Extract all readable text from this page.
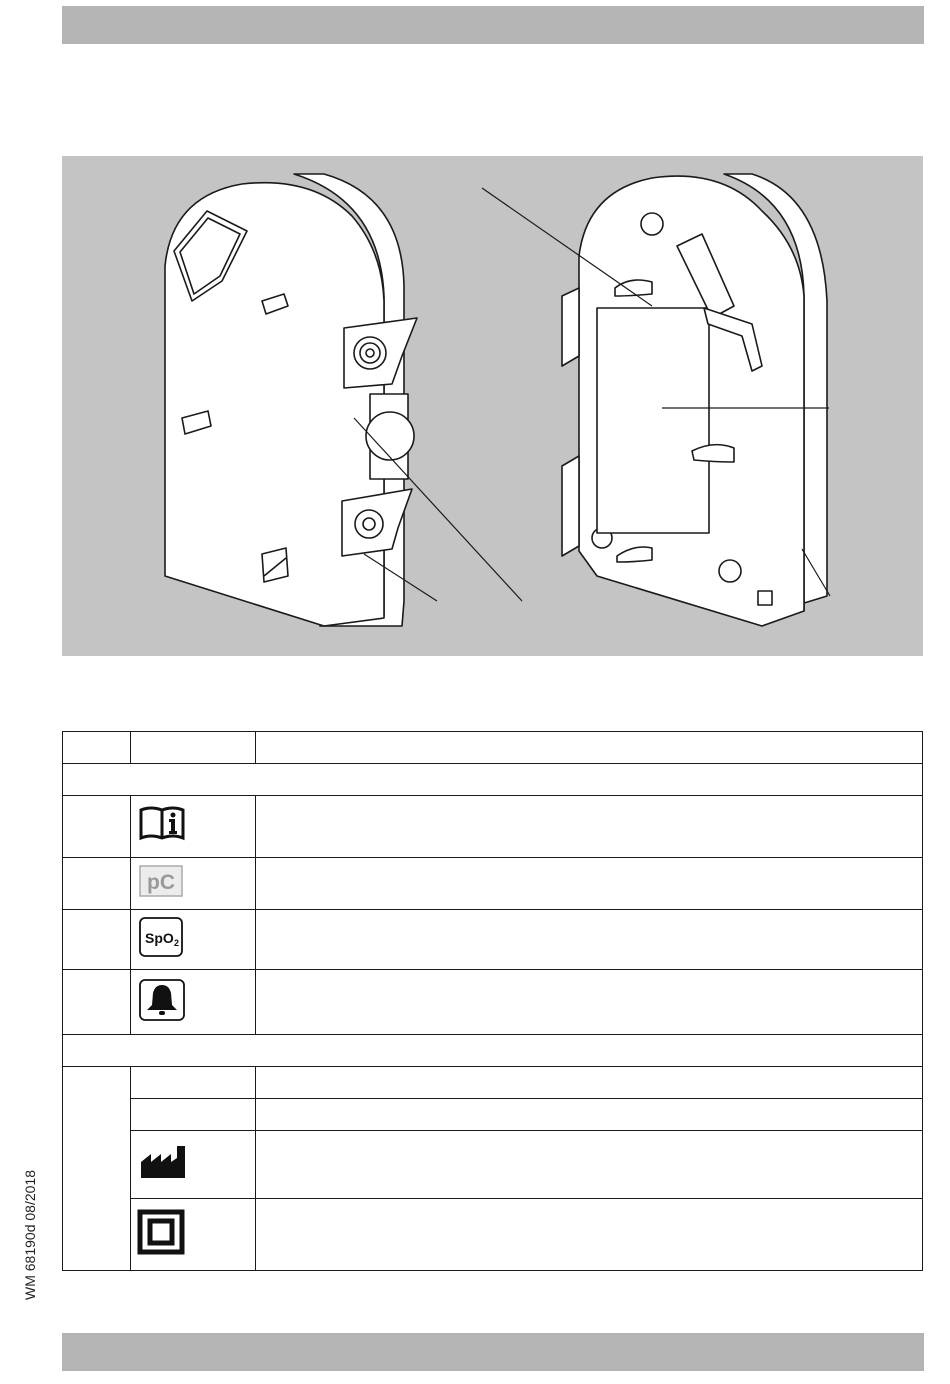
WM 68190d 08/2018

pC	

SpO 2	
